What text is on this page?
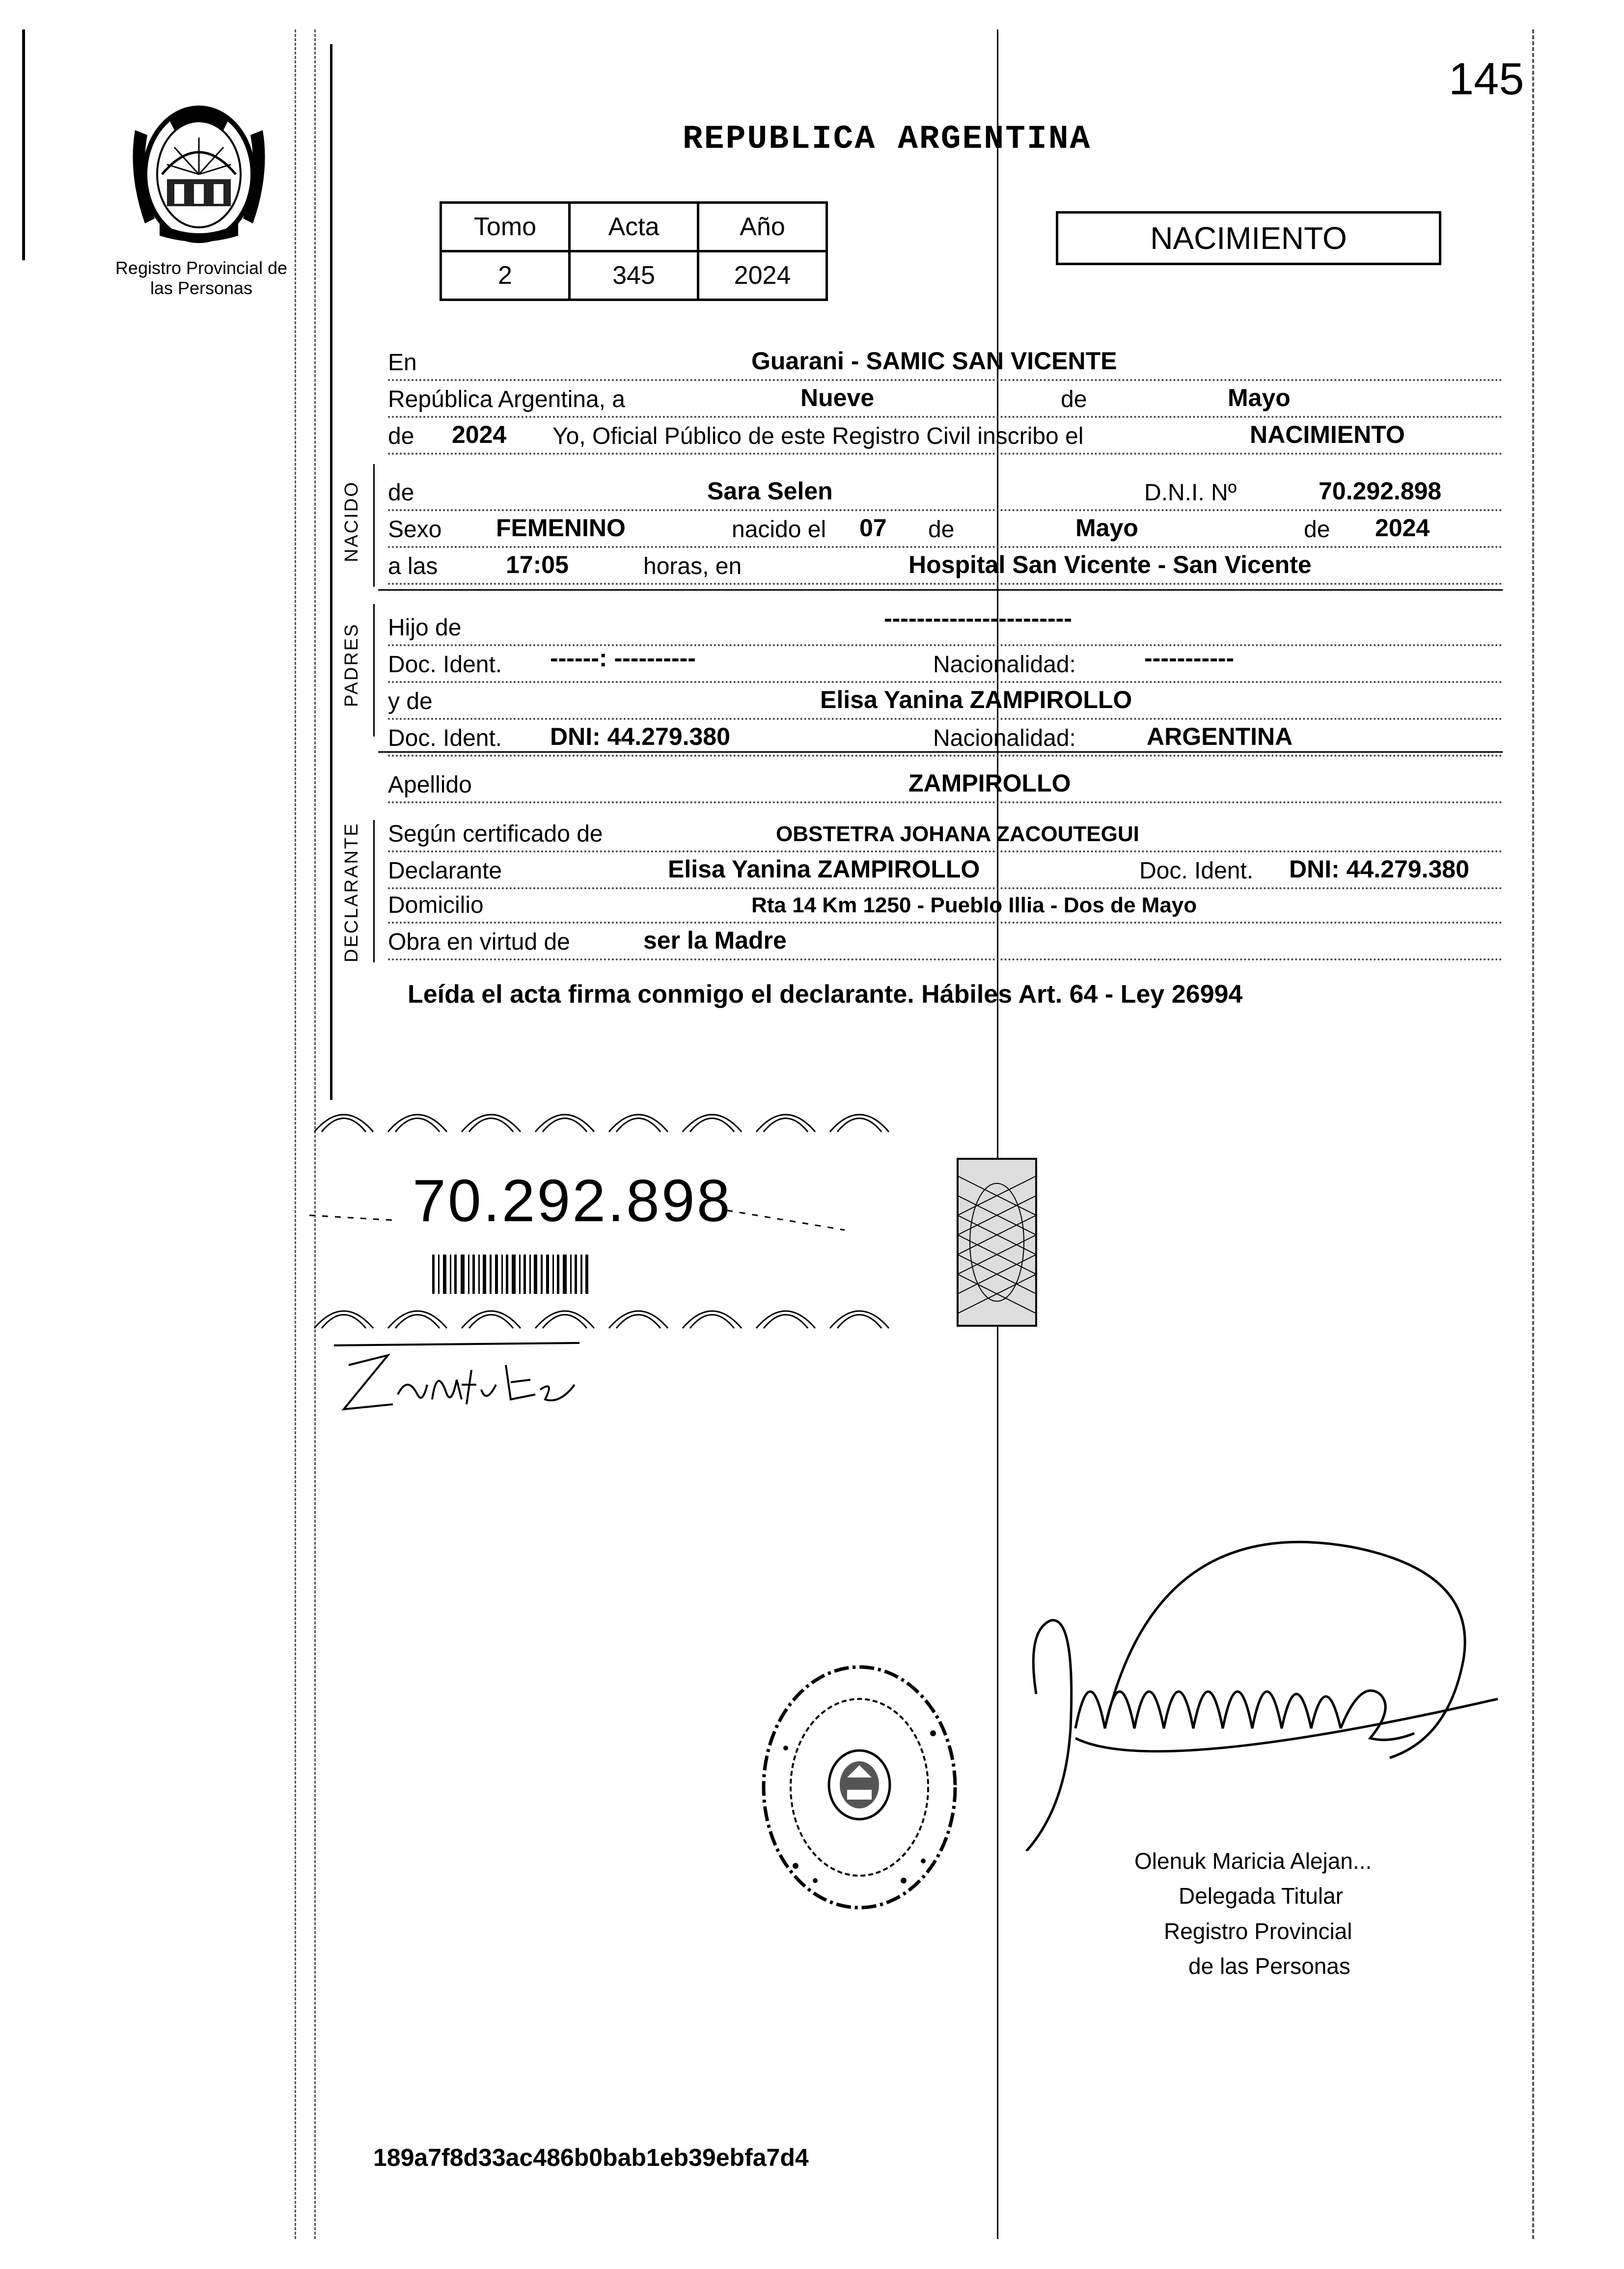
145
Registro Provincial de las Personas
REPUBLICA ARGENTINA
Tomo	Acta	Año
2	345	2024
NACIMIENTO
NACIDO
PADRES
DECLARANTE
En	Guarani - SAMIC SAN VICENTE
República Argentina, a	Nueve	de	Mayo
de 2024 Yo, Oficial Público de este Registro Civil inscribo el	NACIMIENTO
de	Sara Selen	D.N.I. Nº	70.292.898
Sexo FEMENINO	nacido el 07 de	Mayo	de 2024
a las	17:05	horas, en	Hospital San Vicente - San Vicente
Hijo de	-----------------------
Doc. Ident. ------: ----------	Nacionalidad:	-----------
y de	Elisa Yanina ZAMPIROLLO
Doc. Ident. DNI: 44.279.380	Nacionalidad:	ARGENTINA
Apellido	ZAMPIROLLO
Según certificado de	OBSTETRA JOHANA ZACOUTEGUI
Declarante	Elisa Yanina ZAMPIROLLO	Doc. Ident. DNI: 44.279.380
Domicilio	Rta 14 Km 1250 - Pueblo Illia - Dos de Mayo
Obra en virtud de	ser la Madre
Leída el acta firma conmigo el declarante. Hábiles Art. 64 - Ley 26994
70.292.898
Olenuk Maricia Alejan...
Delegada Titular
Registro Provincial
de las Personas
189a7f8d33ac486b0bab1eb39ebfa7d4
